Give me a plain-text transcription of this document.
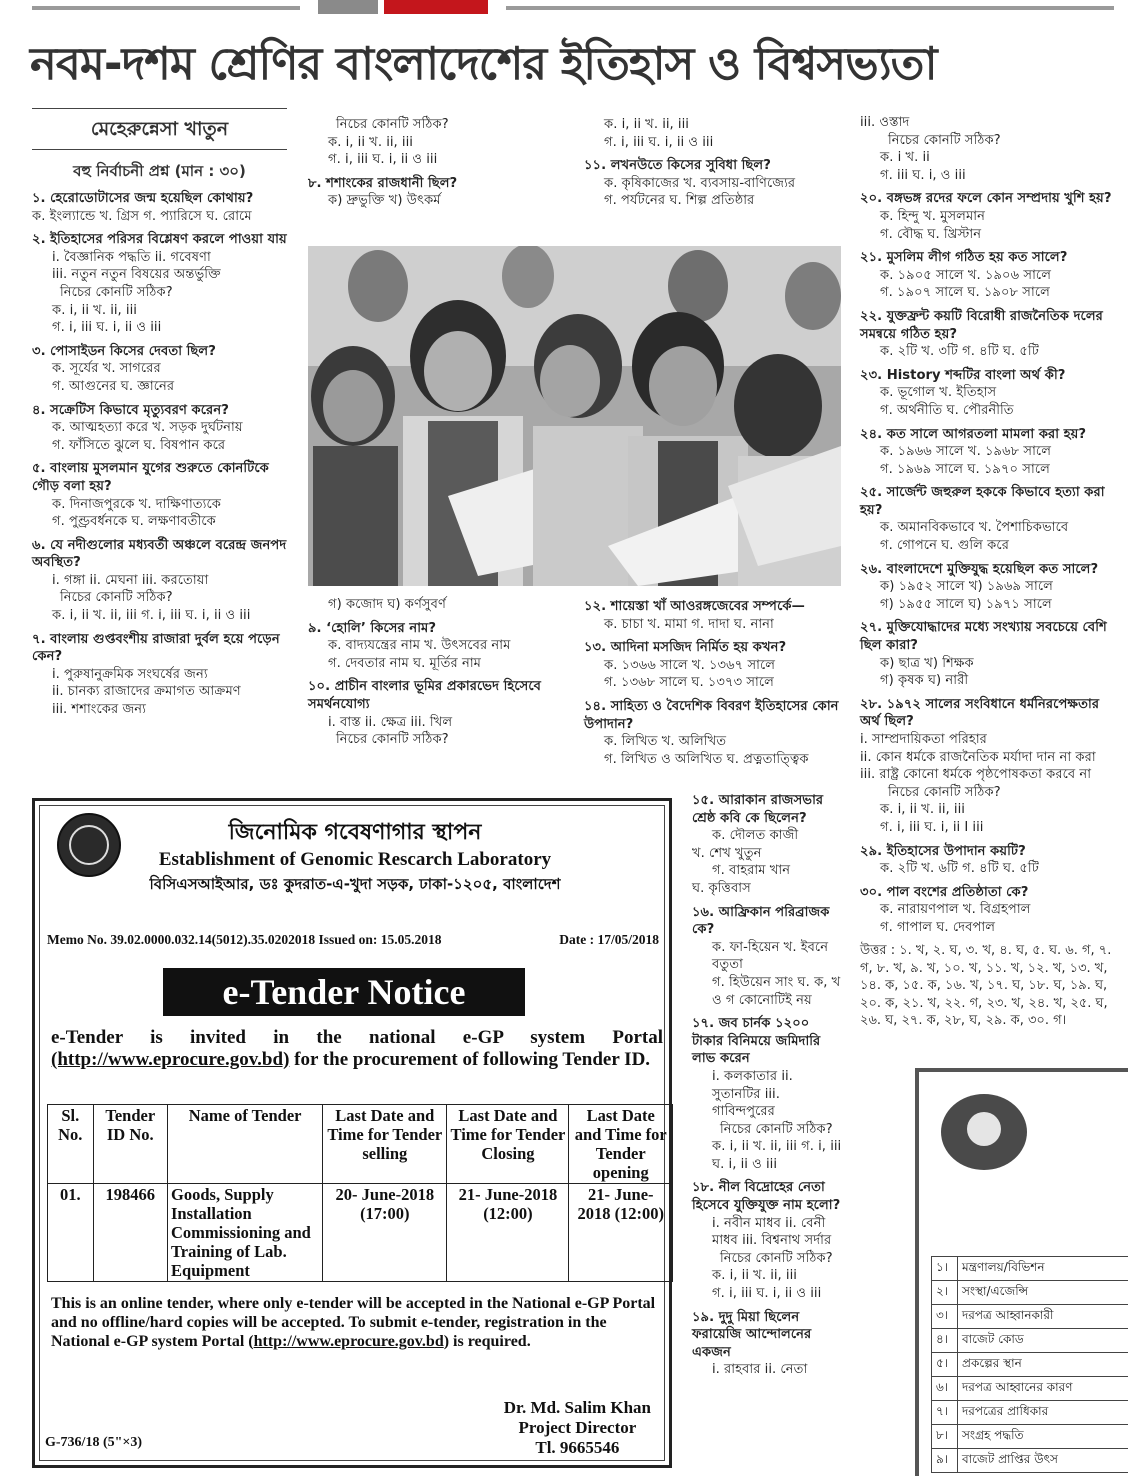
নবম-দশম শ্রেণির বাংলাদেশের ইতিহাস ও বিশ্বসভ্যতা
মেহেরুন্নেসা খাতুন
বহু নির্বাচনী প্রশ্ন (মান : ৩০)

১. হেরোডোটাসের জন্ম হয়েছিল কোথায়?

ক. ইংল্যান্ডে খ. গ্রিস গ. প্যারিসে ঘ. রোমে

২. ইতিহাসের পরিসর বিশ্লেষণ করলে পাওয়া যায়

i. বৈজ্ঞানিক পদ্ধতি ii. গবেষণা

iii. নতুন নতুন বিষয়ের অন্তর্ভুক্তি

নিচের কোনটি সঠিক?

ক. i, ii খ. ii, iii

গ. i, iii ঘ. i, ii ও iii

৩. পোসাইডন কিসের দেবতা ছিল?

ক. সূর্যের খ. সাগরের

গ. আগুনের ঘ. জ্ঞানের

৪. সক্রেটিস কিভাবে মৃত্যুবরণ করেন?

ক. আত্মহত্যা করে খ. সড়ক দুর্ঘটনায়

গ. ফাঁসিতে ঝুলে ঘ. বিষপান করে

৫. বাংলায় মুসলমান যুগের শুরুতে কোনটিকে গৌড় বলা হয়?

ক. দিনাজপুরকে খ. দাক্ষিণাত্যকে

গ. পুণ্ড্রবর্ধনকে ঘ. লক্ষণাবতীকে

৬. যে নদীগুলোর মধ্যবর্তী অঞ্চলে বরেন্দ্র জনপদ অবস্থিত?

i. গঙ্গা ii. মেঘনা iii. করতোয়া

নিচের কোনটি সঠিক?

ক. i, ii খ. ii, iii গ. i, iii ঘ. i, ii ও iii

৭. বাংলায় গুপ্তবংশীয় রাজারা দুর্বল হয়ে পড়েন কেন?

i. পুরুষানুক্রমিক সংঘর্ষের জন্য

ii. চানক্য রাজাদের ক্রমাগত আক্রমণ

iii. শশাংকের জন্য

নিচের কোনটি সঠিক?

ক. i, ii খ. ii, iii

গ. i, iii ঘ. i, ii ও iii

৮. শশাংকের রাজধানী ছিল?

ক) দ্রুভুক্তি খ) উৎকর্ম

ক. i, ii খ. ii, iii

গ. i, iii ঘ. i, ii ও iii

১১. লখনউতে কিসের সুবিধা ছিল?

ক. কৃষিকাজের খ. ব্যবসায়-বাণিজ্যের

গ. পর্যটনের ঘ. শিল্প প্রতিষ্ঠার

গ) কজোদ ঘ) কর্ণসুবর্ণ

৯. ‘হোলি’ কিসের নাম?

ক. বাদ্যযন্ত্রের নাম খ. উৎসবের নাম

গ. দেবতার নাম ঘ. মূর্তির নাম

১০. প্রাচীন বাংলার ভূমির প্রকারভেদ হিসেবে সমর্থনযোগ্য

i. বাস্ত ii. ক্ষেত্র iii. খিল

নিচের কোনটি সঠিক?

১২. শায়েস্তা খাঁ আওরঙ্গজেবের সম্পর্কে—

ক. চাচা খ. মামা গ. দাদা ঘ. নানা

১৩. আদিনা মসজিদ নির্মিত হয় কখন?

ক. ১৩৬৬ সালে খ. ১৩৬৭ সালে

গ. ১৩৬৮ সালে ঘ. ১৩৭৩ সালে

১৪. সাহিত্য ও বৈদেশিক বিবরণ ইতিহাসের কোন উপাদান?

ক. লিখিত খ. অলিখিত

গ. লিখিত ও অলিখিত ঘ. প্রত্নতাত্ত্বিক

১৫. আরাকান রাজসভার শ্রেষ্ঠ কবি কে ছিলেন?

ক. দৌলত কাজী

খ. শেখ খুতুন

গ. বাহরাম খান

ঘ. কৃত্তিবাস

১৬. আফ্রিকান পরিব্রাজক কে?

ক. ফা-হিয়েন খ. ইবনে বতুতা

গ. হিউয়েন সাং ঘ. ক, খ ও গ কোনোটিই নয়

১৭. জব চার্নক ১২০০ টাকার বিনিময়ে জমিদারি লাভ করেন

i. কলকাতার ii. সুতানটির iii. গাবিন্দপুরের

নিচের কোনটি সঠিক?

ক. i, ii খ. ii, iii গ. i, iii ঘ. i, ii ও iii

১৮. নীল বিদ্রোহের নেতা হিসেবে যুক্তিযুক্ত নাম হলো?

i. নবীন মাধব ii. বেনী মাধব iii. বিশ্বনাথ সর্দার

নিচের কোনটি সঠিক?

ক. i, ii খ. ii, iii

গ. i, iii ঘ. i, ii ও iii

১৯. দুদু মিয়া ছিলেন ফরায়েজি আন্দোলনের একজন

i. রাহবার ii. নেতা

iii. ওস্তাদ

নিচের কোনটি সঠিক?

ক. i খ. ii

গ. iii ঘ. i, ও iii

২০. বঙ্গভঙ্গ রদের ফলে কোন সম্প্রদায় খুশি হয়?

ক. হিন্দু খ. মুসলমান

গ. বৌদ্ধ ঘ. খ্রিস্টান

২১. মুসলিম লীগ গঠিত হয় কত সালে?

ক. ১৯০৫ সালে খ. ১৯০৬ সালে

গ. ১৯০৭ সালে ঘ. ১৯০৮ সালে

২২. যুক্তফ্রন্ট কয়টি বিরোধী রাজনৈতিক দলের সমন্বয়ে গঠিত হয়?

ক. ২টি খ. ৩টি গ. ৪টি ঘ. ৫টি

২৩. History শব্দটির বাংলা অর্থ কী?

ক. ভূগোল খ. ইতিহাস

গ. অর্থনীতি ঘ. পৌরনীতি

২৪. কত সালে আগরতলা মামলা করা হয়?

ক. ১৯৬৬ সালে খ. ১৯৬৮ সালে

গ. ১৯৬৯ সালে ঘ. ১৯৭০ সালে

২৫. সার্জেন্ট জহুরুল হককে কিভাবে হত্যা করা হয়?

ক. অমানবিকভাবে খ. পৈশাচিকভাবে

গ. গোপনে ঘ. গুলি করে

২৬. বাংলাদেশে মুক্তিযুদ্ধ হয়েছিল কত সালে?

ক) ১৯৫২ সালে খ) ১৯৬৯ সালে

গ) ১৯৫৫ সালে ঘ) ১৯৭১ সালে

২৭. মুক্তিযোদ্ধাদের মধ্যে সংখ্যায় সবচেয়ে বেশি ছিল কারা?

ক) ছাত্র খ) শিক্ষক

গ) কৃষক ঘ) নারী

২৮. ১৯৭২ সালের সংবিধানে ধর্মনিরপেক্ষতার অর্থ ছিল?

i. সাম্প্রদায়িকতা পরিহার

ii. কোন ধর্মকে রাজনৈতিক মর্যাদা দান না করা

iii. রাষ্ট্র কোনো ধর্মকে পৃষ্ঠপোষকতা করবে না

নিচের কোনটি সঠিক?

ক. i, ii খ. ii, iii

গ. i, iii ঘ. i, ii I iii

২৯. ইতিহাসের উপাদান কয়টি?

ক. ২টি খ. ৬টি গ. ৪টি ঘ. ৫টি

৩০. পাল বংশের প্রতিষ্ঠাতা কে?

ক. নারায়ণপাল খ. বিগ্রহপাল

গ. গাপাল ঘ. দেবপাল

উত্তর : ১. খ, ২. ঘ, ৩. খ, ৪. ঘ, ৫. ঘ. ৬. গ, ৭. গ, ৮. খ, ৯. খ, ১০. খ, ১১. খ, ১২. খ, ১৩. খ, ১৪. ক, ১৫. ক, ১৬. খ, ১৭. ঘ, ১৮. ঘ, ১৯. ঘ, ২০. ক, ২১. খ, ২২. গ, ২৩. খ, ২৪. খ, ২৫. ঘ, ২৬. ঘ, ২৭. ক, ২৮, ঘ, ২৯. ক, ৩০. গ।
জিনোমিক গবেষণাগার স্থাপন
Establishment of Genomic Rescarch Laboratory
বিসিএসআইআর, ডঃ কুদরাত-এ-খুদা সড়ক, ঢাকা-১২০৫, বাংলাদেশ
Memo No. 39.02.0000.032.14(5012).35.0202018 Issued on: 15.05.2018	Date : 17/05/2018
e-Tender Notice
e-Tender is invited in the national e-GP system Portal (http://www.eprocure.gov.bd) for the procurement of following Tender ID.
Sl. No.	Tender ID No.	Name of Tender	Last Date and Time for Tender selling	Last Date and Time for Tender Closing	Last Date and Time for Tender opening
01.	198466	Goods, Supply Installation Commissioning and Training of Lab. Equipment	20- June-2018 (17:00)	21- June-2018 (12:00)	21- June-2018 (12:00)
This is an online tender, where only e-tender will be accepted in the National e-GP Portal and no offline/hard copies will be accepted. To submit e-tender, registration in the National e-GP system Portal (http://www.eprocure.gov.bd) is required.
Dr. Md. Salim Khan
Project Director
Tl. 9665546
G-736/18 (5"×3)
১।	মন্ত্রণালয়/বিভিশন
২।	সংস্থা/এজেন্সি
৩।	দরপত্র আহ্বানকারী
৪।	বাজেট কোড
৫।	প্রকল্পের স্থান
৬।	দরপত্র আহ্বানের কারণ
৭।	দরপত্রের প্রাধিকার
৮।	সংগ্রহ পদ্ধতি
৯।	বাজেট প্রাপ্তির উৎস
